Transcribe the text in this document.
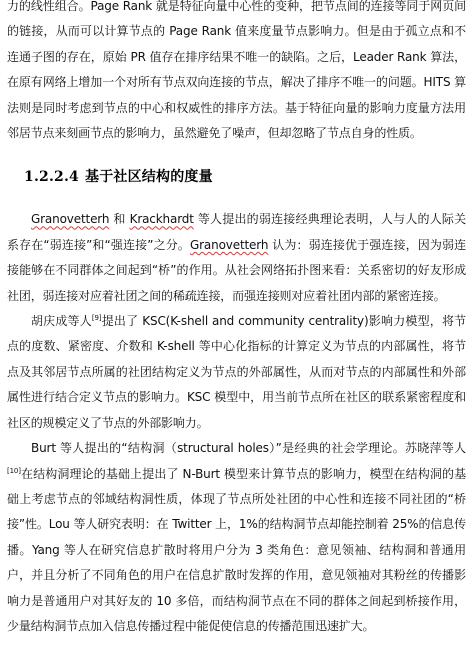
力的线性组合。Page Rank 就是特征向量中心性的变种，把节点间的连接等同于网页间的链接，从而可以计算节点的 Page Rank 值来度量节点影响力。但是由于孤立点和不连通子图的存在，原始 PR 值存在排序结果不唯一的缺陷。之后，Leader Rank 算法，在原有网络上增加一个对所有节点双向连接的节点，解决了排序不唯一的问题。HITS 算法则是同时考虑到节点的中心和权威性的排序方法。基于特征向量的影响力度量方法用邻居节点来刻画节点的影响力，虽然避免了噪声，但却忽略了节点自身的性质。

1.2.2.4 基于社区结构的度量

Granovetterh 和 Krackhardt 等人提出的弱连接经典理论表明，人与人的人际关系存在“弱连接”和“强连接”之分。Granovetterh 认为：弱连接优于强连接，因为弱连接能够在不同群体之间起到“桥”的作用。从社会网络拓扑图来看：关系密切的好友形成社团，弱连接对应着社团之间的稀疏连接，而强连接则对应着社团内部的紧密连接。

胡庆成等人[9]提出了 KSC(K-shell and community centrality)影响力模型，将节点的度数、紧密度、介数和 K-shell 等中心化指标的计算定义为节点的内部属性，将节点及其邻居节点所属的社团结构定义为节点的外部属性，从而对节点的内部属性和外部属性进行结合定义节点的影响力。KSC 模型中，用当前节点所在社区的联系紧密程度和社区的规模定义了节点的外部影响力。

Burt 等人提出的“结构洞（structural holes）”是经典的社会学理论。苏晓萍等人[10]在结构洞理论的基础上提出了 N-Burt 模型来计算节点的影响力，模型在结构洞的基础上考虑节点的邻域结构洞性质，体现了节点所处社团的中心性和连接不同社团的“桥接”性。Lou 等人研究表明：在 Twitter 上，1%的结构洞节点却能控制着 25%的信息传播。Yang 等人在研究信息扩散时将用户分为 3 类角色：意见领袖、结构洞和普通用户，并且分析了不同角色的用户在信息扩散时发挥的作用，意见领袖对其粉丝的传播影响力是普通用户对其好友的 10 多倍，而结构洞节点在不同的群体之间起到桥接作用，少量结构洞节点加入信息传播过程中能促使信息的传播范围迅速扩大。
